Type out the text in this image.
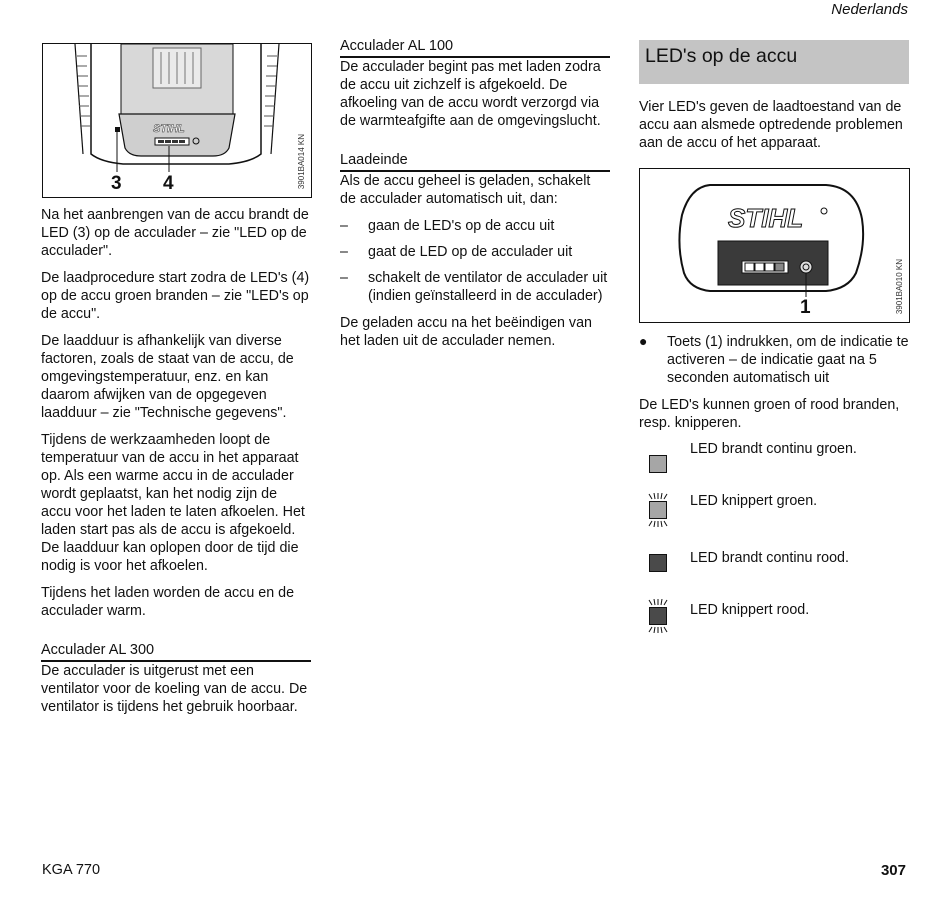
Nederlands
STIHL
3 4	3901BA014 KN

Na het aanbrengen van de accu brandt de LED (3) op de acculader – zie "LED op de acculader".

De laadprocedure start zodra de LED's (4) op de accu groen branden – zie "LED's op de accu".

De laadduur is afhankelijk van diverse factoren, zoals de staat van de accu, de omgevingstemperatuur, enz. en kan daarom afwijken van de opgegeven laadduur – zie "Technische gegevens".

Tijdens de werkzaamheden loopt de temperatuur van de accu in het apparaat op. Als een warme accu in de acculader wordt geplaatst, kan het nodig zijn de accu voor het laden te laten afkoelen. Het laden start pas als de accu is afgekoeld. De laadduur kan oplopen door de tijd die nodig is voor het afkoelen.

Tijdens het laden worden de accu en de acculader warm.

Acculader AL 300

De acculader is uitgerust met een ventilator voor de koeling van de accu. De ventilator is tijdens het gebruik hoorbaar.

Acculader AL 100

De acculader begint pas met laden zodra de accu uit zichzelf is afgekoeld. De afkoeling van de accu wordt verzorgd via de warmteafgifte aan de omgevingslucht.

Laadeinde

Als de accu geheel is geladen, schakelt de acculader automatisch uit, dan:

– gaan de LED's op de accu uit
– gaat de LED op de acculader uit
– schakelt de ventilator de acculader uit (indien geïnstalleerd in de acculader)

De geladen accu na het beëindigen van het laden uit de acculader nemen.

LED's op de accu

Vier LED's geven de laadtoestand van de accu aan alsmede optredende problemen aan de accu of het apparaat.

STIHL
1	3901BA010 KN

● Toets (1) indrukken, om de indicatie te activeren – de indicatie gaat na 5 seconden automatisch uit

De LED's kunnen groen of rood branden, resp. knipperen.

LED brandt continu groen.
LED knippert groen.
LED brandt continu rood.
LED knippert rood.
KGA 770	307
